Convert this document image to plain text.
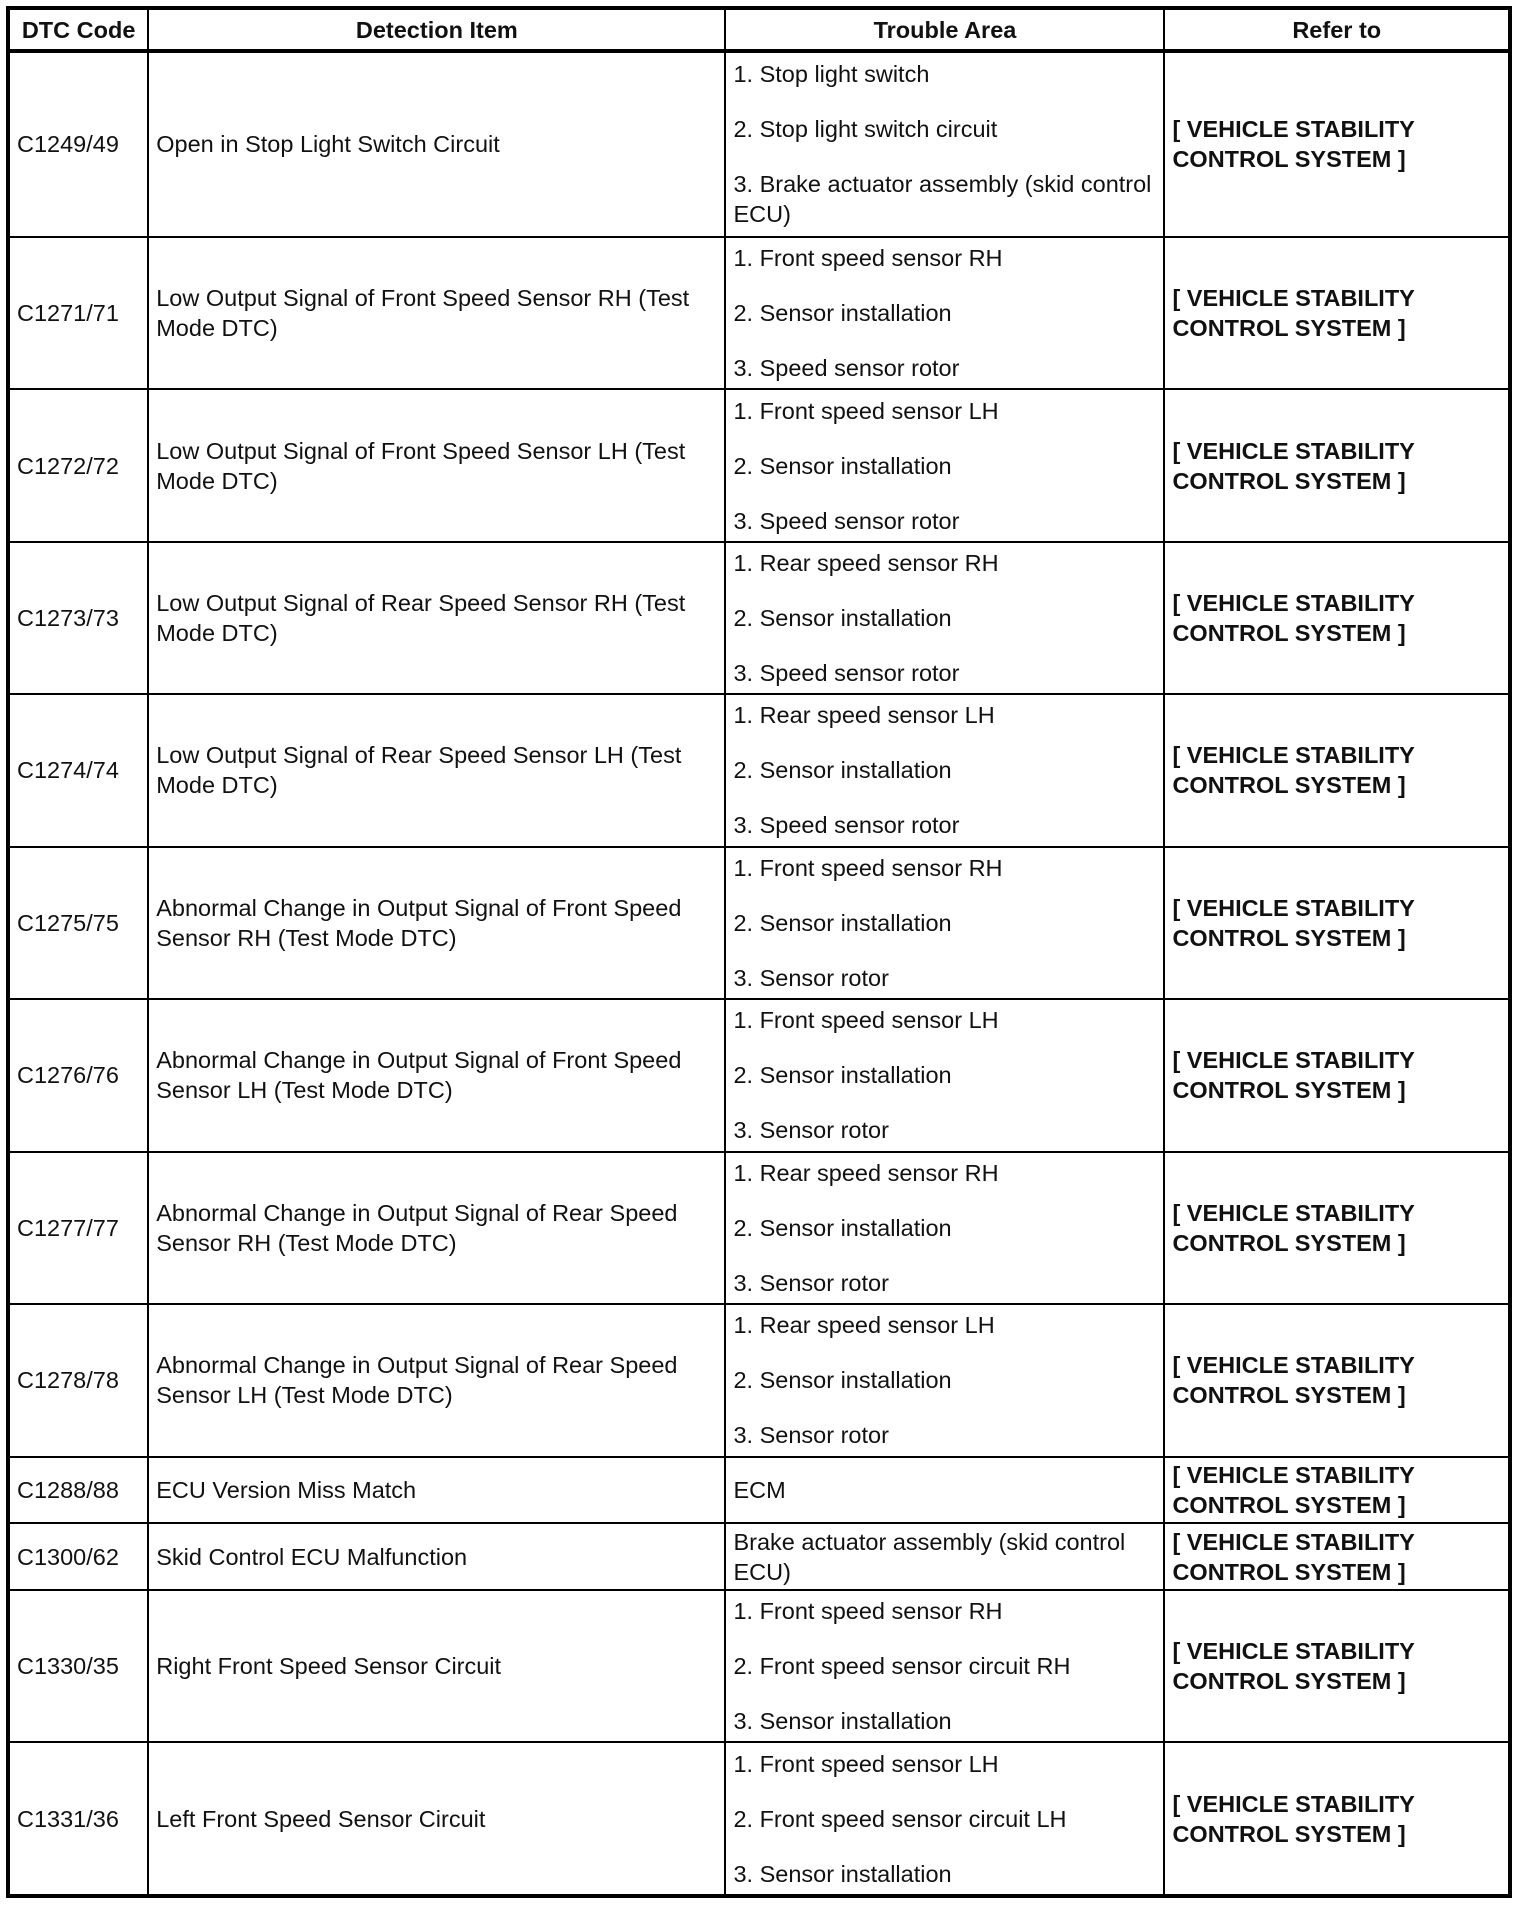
DTC Code	Detection Item	Trouble Area	Refer to
C1249/49	Open in Stop Light Switch Circuit	1. Stop light switch
2. Stop light switch circuit
3. Brake actuator assembly (skid control ECU)	[ VEHICLE STABILITY CONTROL SYSTEM ]
C1271/71	Low Output Signal of Front Speed Sensor RH (Test Mode DTC)	1. Front speed sensor RH
2. Sensor installation
3. Speed sensor rotor	[ VEHICLE STABILITY CONTROL SYSTEM ]
C1272/72	Low Output Signal of Front Speed Sensor LH (Test Mode DTC)	1. Front speed sensor LH
2. Sensor installation
3. Speed sensor rotor	[ VEHICLE STABILITY CONTROL SYSTEM ]
C1273/73	Low Output Signal of Rear Speed Sensor RH (Test Mode DTC)	1. Rear speed sensor RH
2. Sensor installation
3. Speed sensor rotor	[ VEHICLE STABILITY CONTROL SYSTEM ]
C1274/74	Low Output Signal of Rear Speed Sensor LH (Test Mode DTC)	1. Rear speed sensor LH
2. Sensor installation
3. Speed sensor rotor	[ VEHICLE STABILITY CONTROL SYSTEM ]
C1275/75	Abnormal Change in Output Signal of Front Speed Sensor RH (Test Mode DTC)	1. Front speed sensor RH
2. Sensor installation
3. Sensor rotor	[ VEHICLE STABILITY CONTROL SYSTEM ]
C1276/76	Abnormal Change in Output Signal of Front Speed Sensor LH (Test Mode DTC)	1. Front speed sensor LH
2. Sensor installation
3. Sensor rotor	[ VEHICLE STABILITY CONTROL SYSTEM ]
C1277/77	Abnormal Change in Output Signal of Rear Speed Sensor RH (Test Mode DTC)	1. Rear speed sensor RH
2. Sensor installation
3. Sensor rotor	[ VEHICLE STABILITY CONTROL SYSTEM ]
C1278/78	Abnormal Change in Output Signal of Rear Speed Sensor LH (Test Mode DTC)	1. Rear speed sensor LH
2. Sensor installation
3. Sensor rotor	[ VEHICLE STABILITY CONTROL SYSTEM ]
C1288/88	ECU Version Miss Match	ECM	[ VEHICLE STABILITY CONTROL SYSTEM ]
C1300/62	Skid Control ECU Malfunction	Brake actuator assembly (skid control ECU)	[ VEHICLE STABILITY CONTROL SYSTEM ]
C1330/35	Right Front Speed Sensor Circuit	1. Front speed sensor RH
2. Front speed sensor circuit RH
3. Sensor installation	[ VEHICLE STABILITY CONTROL SYSTEM ]
C1331/36	Left Front Speed Sensor Circuit	1. Front speed sensor LH
2. Front speed sensor circuit LH
3. Sensor installation	[ VEHICLE STABILITY CONTROL SYSTEM ]
